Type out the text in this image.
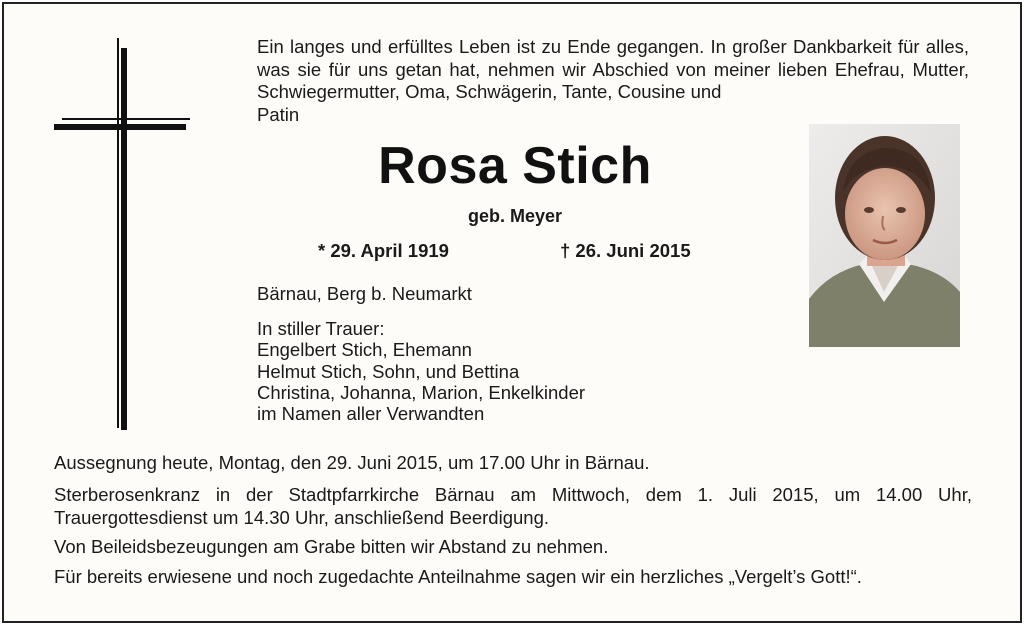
Ein langes und erfülltes Leben ist zu Ende gegangen. In großer Dankbarkeit für alles, was sie für uns getan hat, nehmen wir Abschied von meiner lieben Ehefrau, Mutter, Schwiegermutter, Oma, Schwägerin, Tante, Cousine und

Patin

Rosa Stich

geb. Meyer

* 29. April 1919	† 26. Juni 2015

Bärnau, Berg b. Neumarkt

In stiller Trauer:
Engelbert Stich, Ehemann
Helmut Stich, Sohn, und Bettina
Christina, Johanna, Marion, Enkelkinder
im Namen aller Verwandten

Aussegnung heute, Montag, den 29. Juni 2015, um 17.00 Uhr in Bärnau.

Sterberosenkranz in der Stadtpfarrkirche Bärnau am Mittwoch, dem 1. Juli 2015, um 14.00 Uhr, Trauergottesdienst um 14.30 Uhr, anschließend Beerdigung.

Von Beileidsbezeugungen am Grabe bitten wir Abstand zu nehmen.

Für bereits erwiesene und noch zugedachte Anteilnahme sagen wir ein herzliches „Vergelt’s Gott!“.
